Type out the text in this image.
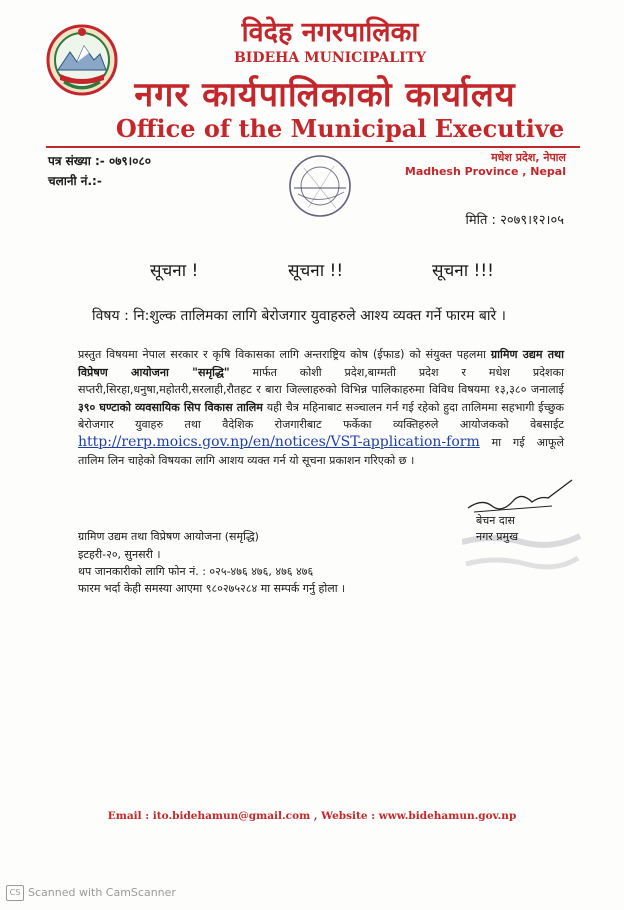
विदेह नगरपालिका
BIDEHA MUNICIPALITY
नगर कार्यपालिकाको कार्यालय
Office of the Municipal Executive
पत्र संख्या :- ०७९।०८०
चलानी नं.:-
मधेश प्रदेश, नेपाल
Madhesh Province , Nepal
मिति : २०७९।१२।०५
सूचना !	सूचना !!	सूचना !!!
विषय : नि:शुल्क तालिमका लागि बेरोजगार युवाहरुले आश्य व्यक्त गर्ने फारम बारे ।
प्रस्तुत विषयमा नेपाल सरकार र कृषि विकासका लागि अन्तराष्ट्रिय कोष (ईफाड) को संयुक्त पहलमा ग्रामिण उद्यम तथा विप्रेषण आयोजना "समृद्धि" मार्फत कोशी प्रदेश,बाग्मती प्रदेश र मधेश प्रदेशका सप्तरी,सिरहा,धनुषा,महोतरी,सरलाही,रौतहट र बारा जिल्लाहरुको विभिन्न पालिकाहरुमा विविध विषयमा १३,३८० जनालाई ३९० घण्टाको व्यवसायिक सिप विकास तालिम यही चैत्र महिनाबाट सञ्चालन गर्न गई रहेको हुदा तालिममा सहभागी ईच्छुक बेरोजगार युवाहरु तथा वैदेशिक रोजगारीबाट फर्केका व्यक्तिहरुले आयोजकको वेबसाईट http://rerp.moics.gov.np/en/notices/VST-application-form मा गई आफूले तालिम लिन चाहेको विषयका लागि आशय व्यक्त गर्न यो सूचना प्रकाशन गरिएको छ ।
बेचन दास
नगर प्रमुख
ग्रामिण उद्यम तथा विप्रेषण आयोजना (समृद्धि)
इटहरी-२०, सुनसरी ।
थप जानकारीको लागि फोन नं. : ०२५-४७६ ४७६, ४७६ ४७६
फारम भर्दा केही समस्या आएमा ९८०२७५२८४ मा सम्पर्क गर्नु होला ।
Email : ito.bidehamun@gmail.com , Website : www.bidehamun.gov.np
CS Scanned with CamScanner
